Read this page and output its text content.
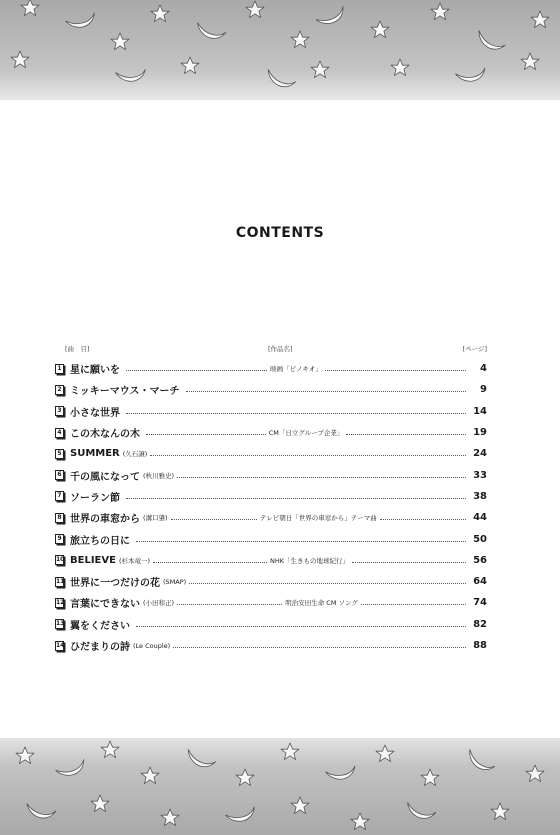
CONTENTS
[曲　目]	[作品名]	[ページ]
1 星に願いを	映画「ピノキオ」	4
2 ミッキーマウス・マーチ	9
3 小さな世界	14
4 この木なんの木	CM「日立グループ企業」	19
5 SUMMER (久石譲)	24
6 千の風になって (秋川雅史)	33
7 ソーラン節	38
8 世界の車窓から (溝口肇)	テレビ朝日「世界の車窓から」テーマ曲	44
9 旅立ちの日に	50
10 BELIEVE (杉本竜一)	NHK「生きもの地球紀行」	56
11 世界に一つだけの花 (SMAP)	64
12 言葉にできない (小田和正)	明治安田生命 CM ソング	74
13 翼をください	82
14 ひだまりの詩 (Le Couple)	88
